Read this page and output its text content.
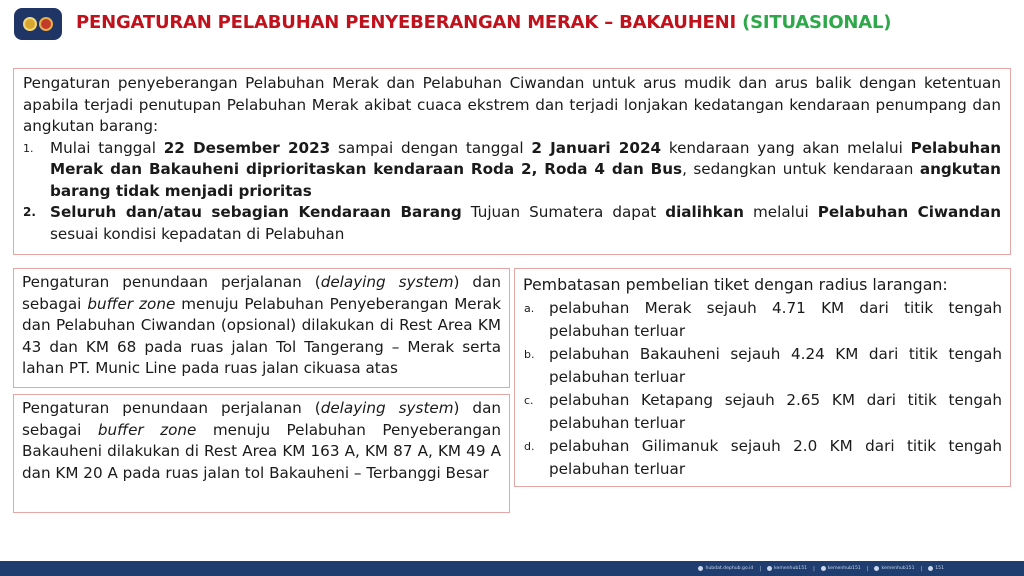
PENGATURAN PELABUHAN PENYEBERANGAN MERAK – BAKAUHENI (SITUASIONAL)

Pengaturan penyeberangan Pelabuhan Merak dan Pelabuhan Ciwandan untuk arus mudik dan arus balik dengan ketentuan apabila terjadi penutupan Pelabuhan Merak akibat cuaca ekstrem dan terjadi lonjakan kedatangan kendaraan penumpang dan angkutan barang:

1. Mulai tanggal 22 Desember 2023 sampai dengan tanggal 2 Januari 2024 kendaraan yang akan melalui Pelabuhan Merak dan Bakauheni diprioritaskan kendaraan Roda 2, Roda 4 dan Bus, sedangkan untuk kendaraan angkutan barang tidak menjadi prioritas
2. Seluruh dan/atau sebagian Kendaraan Barang Tujuan Sumatera dapat dialihkan melalui Pelabuhan Ciwandan sesuai kondisi kepadatan di Pelabuhan

Pengaturan penundaan perjalanan (delaying system) dan sebagai buffer zone menuju Pelabuhan Penyeberangan Merak dan Pelabuhan Ciwandan (opsional) dilakukan di Rest Area KM 43 dan KM 68 pada ruas jalan Tol Tangerang – Merak serta lahan PT. Munic Line pada ruas jalan cikuasa atas

Pengaturan penundaan perjalanan (delaying system) dan sebagai buffer zone menuju Pelabuhan Penyeberangan Bakauheni dilakukan di Rest Area KM 163 A, KM 87 A, KM 49 A dan KM 20 A pada ruas jalan tol Bakauheni – Terbanggi Besar

Pembatasan pembelian tiket dengan radius larangan:
a. pelabuhan Merak sejauh 4.71 KM dari titik tengah pelabuhan terluar
b. pelabuhan Bakauheni sejauh 4.24 KM dari titik tengah pelabuhan terluar
c. pelabuhan Ketapang sejauh 2.65 KM dari titik tengah pelabuhan terluar
d. pelabuhan Gilimanuk sejauh 2.0 KM dari titik tengah pelabuhan terluar
hubdat.dephub.go.id |	kemenhub151 |	kemenhub151 |	kemenhub151 |	151
